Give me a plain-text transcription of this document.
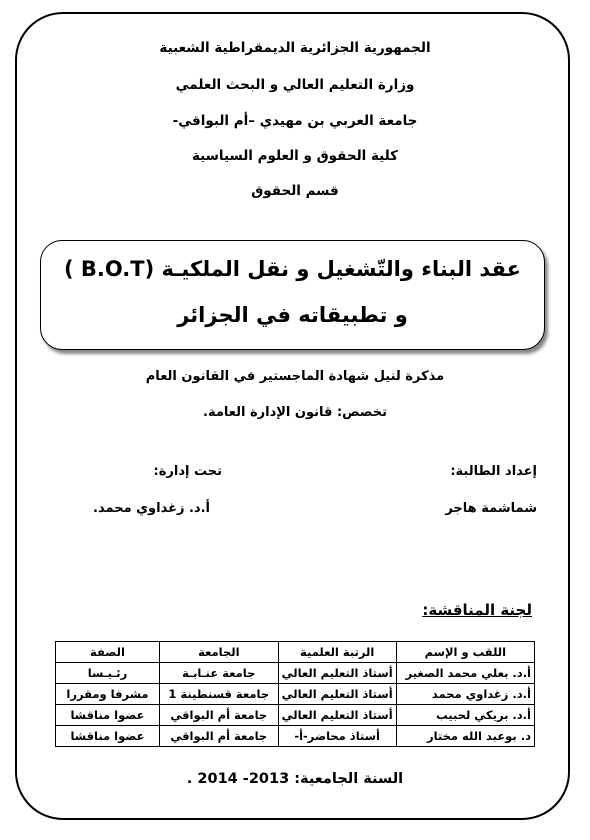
الجمهورية الجزائرية الديمقراطية الشعبية
وزارة التعليم العالي و البحث العلمي
جامعة العربي بن مهيدي –أم البواقي-
كلية الحقوق و العلوم السياسية
قسم الحقوق
عقد البناء والتّشغيل و نقل الملكيـة (B.O.T )
و تطبيقاته في الجزائر
مذكرة لنيل شهادة الماجستير في القانون العام
تخصص: قانون الإدارة العامة.
إعداد الطالبة:
شماشمة هاجر
تحت إدارة:
أ.د. زغداوي محمد.
لجنة المناقشة:
اللقب و الإسم	الرتبة العلمية	الجامعة	الصفة
أ.د. بعلي محمد الصغير	أستاذ التعليم العالي	جامعة عنـابـة	رئـيـسا
أ.د. زغداوي محمد	أستاذ التعليم العالي	جامعة قسنطينة 1	مشرفا ومقررا
أ.د. بريكي لحبيب	أستاذ التعليم العالي	جامعة أم البواقي	عضوا مناقشا
د. بوعبد الله مختار	أستاذ محاضر-أ-	جامعة أم البواقي	عضوا مناقشا
السنة الجامعية: 2013- 2014 .
